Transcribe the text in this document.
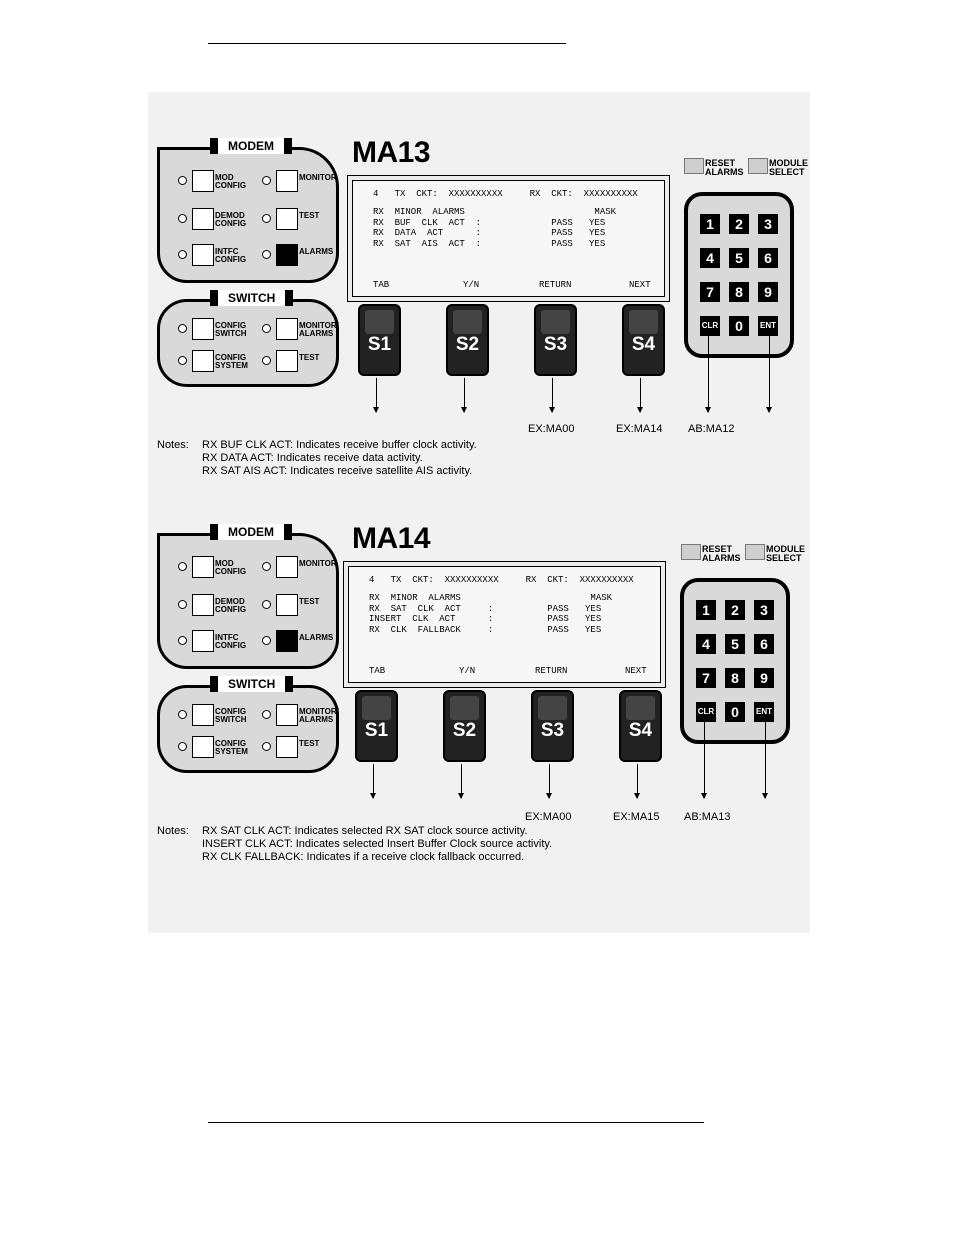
MA13
MODEM
MOD
CONFIG
MONITOR
DEMOD
CONFIG
TEST
INTFC
CONFIG
ALARMS
SWITCH
CONFIG
SWITCH
MONITOR/
ALARMS
CONFIG
SYSTEM
TEST
4   TX  CKT:  XXXXXXXXXX     RX  CKT:  XXXXXXXXXX
RX  MINOR  ALARMS                        MASK
RX  BUF  CLK  ACT  :             PASS   YES
RX  DATA  ACT      :             PASS   YES
RX  SAT  AIS  ACT  :             PASS   YES
TAB	Y/N	RETURN	NEXT
S1	S2	S3
EX:MA00
S4
EX:MA14
RESET
ALARMS
MODULE
SELECT
1	2	3
4	5	6
7	8	9
CLR	0	ENT
AB:MA12
Notes: RX BUF CLK ACT: Indicates receive buffer clock activity.
RX DATA ACT: Indicates receive data activity.
RX SAT AIS ACT: Indicates receive satellite AIS activity.
MA14
MODEM
MOD
CONFIG
MONITOR
DEMOD
CONFIG
TEST
INTFC
CONFIG
ALARMS
SWITCH
CONFIG
SWITCH
MONITOR/
ALARMS
CONFIG
SYSTEM
TEST
4   TX  CKT:  XXXXXXXXXX     RX  CKT:  XXXXXXXXXX
RX  MINOR  ALARMS                        MASK
RX  SAT  CLK  ACT     :          PASS   YES
INSERT  CLK  ACT      :          PASS   YES
RX  CLK  FALLBACK     :          PASS   YES
TAB	Y/N	RETURN	NEXT
S1	S2	S3
EX:MA00
S4
EX:MA15
RESET
ALARMS
MODULE
SELECT
1	2	3
4	5	6
7	8	9
CLR	0	ENT
AB:MA13
Notes: RX SAT CLK ACT: Indicates selected RX SAT clock source activity.
INSERT CLK ACT: Indicates selected Insert Buffer Clock source activity.
RX CLK FALLBACK: Indicates if a receive clock fallback occurred.
